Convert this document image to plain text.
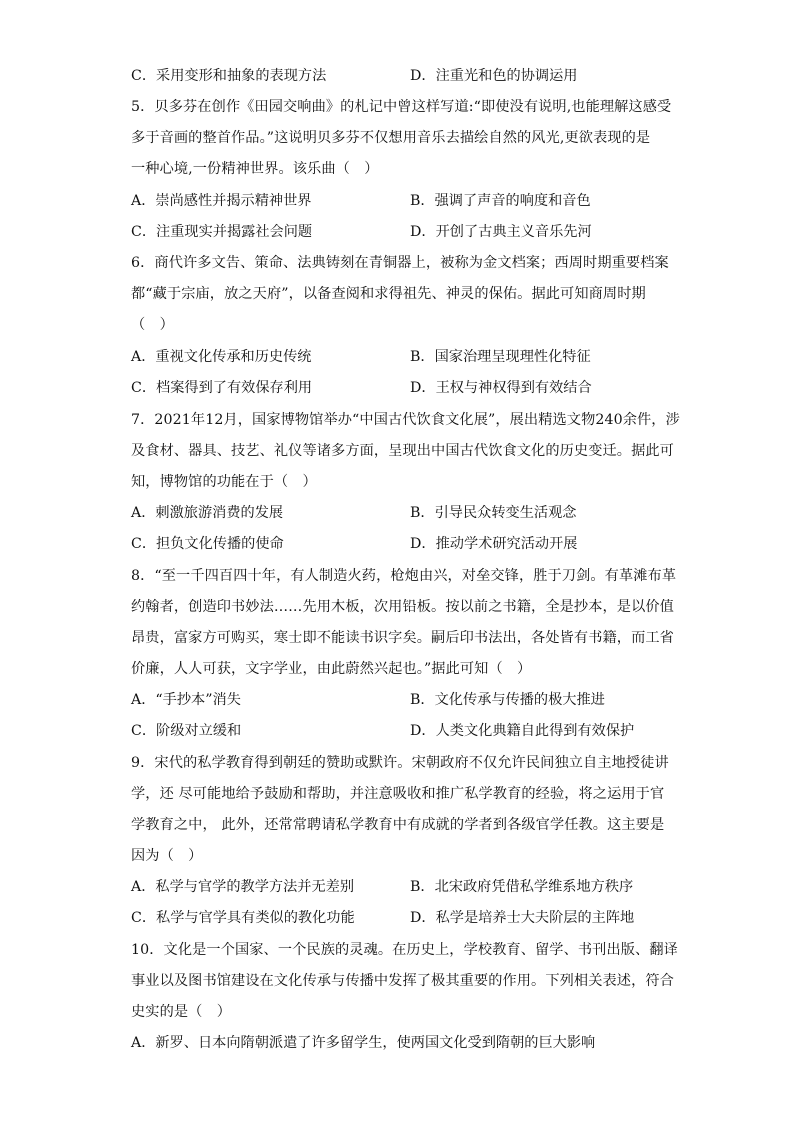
C．采用变形和抽象的表现方法	D．注重光和色的协调运用
5．贝多芬在创作《田园交响曲》的札记中曾这样写道:“即使没有说明,也能理解这感受
多于音画的整首作品。”这说明贝多芬不仅想用音乐去描绘自然的风光,更欲表现的是
一种心境,一份精神世界。该乐曲（　）
A．崇尚感性并揭示精神世界	B．强调了声音的响度和音色
C．注重现实并揭露社会问题	D．开创了古典主义音乐先河
6．商代许多文告、策命、法典铸刻在青铜器上，被称为金文档案；西周时期重要档案
都“藏于宗庙，放之天府”，以备查阅和求得祖先、神灵的保佑。据此可知商周时期
（　）
A．重视文化传承和历史传统	B．国家治理呈现理性化特征
C．档案得到了有效保存利用	D．王权与神权得到有效结合
7．2021年12月，国家博物馆举办“中国古代饮食文化展”，展出精选文物240余件，涉
及食材、器具、技艺、礼仪等诸多方面，呈现出中国古代饮食文化的历史变迁。据此可
知，博物馆的功能在于（　）
A．刺激旅游消费的发展	B．引导民众转变生活观念
C．担负文化传播的使命	D．推动学术研究活动开展
8．“至一千四百四十年，有人制造火药，枪炮由兴，对垒交锋，胜于刀剑。有革滩布革
约翰者，创造印书妙法……先用木板，次用铅板。按以前之书籍，全是抄本，是以价值
昂贵，富家方可购买，寒士即不能读书识字矣。嗣后印书法出，各处皆有书籍，而工省
价廉，人人可获，文字学业，由此蔚然兴起也。”据此可知（　）
A．“手抄本”消失	B．文化传承与传播的极大推进
C．阶级对立缓和	D．人类文化典籍自此得到有效保护
9．宋代的私学教育得到朝廷的赞助或默许。宋朝政府不仅允许民间独立自主地授徒讲
学，还 尽可能地给予鼓励和帮助，并注意吸收和推广私学教育的经验，将之运用于官
学教育之中， 此外，还常常聘请私学教育中有成就的学者到各级官学任教。这主要是
因为（　）
A．私学与官学的教学方法并无差别	B．北宋政府凭借私学维系地方秩序
C．私学与官学具有类似的教化功能	D．私学是培养士大夫阶层的主阵地
10．文化是一个国家、一个民族的灵魂。在历史上，学校教育、留学、书刊出版、翻译
事业以及图书馆建设在文化传承与传播中发挥了极其重要的作用。下列相关表述，符合
史实的是（　）
A．新罗、日本向隋朝派遣了许多留学生，使两国文化受到隋朝的巨大影响
